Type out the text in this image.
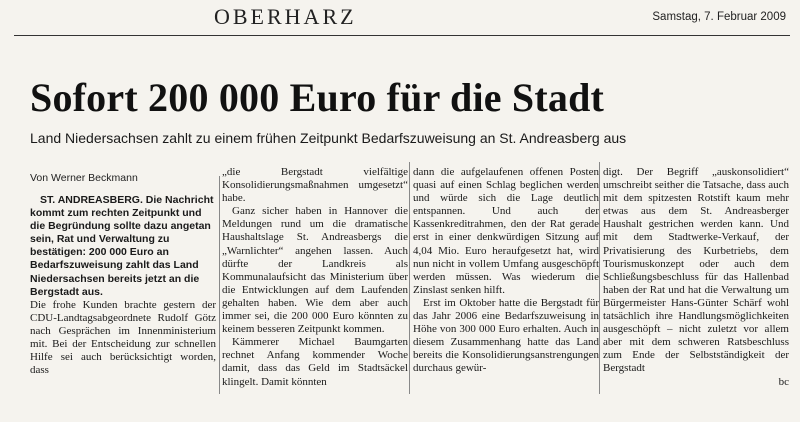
OBERHARZ	Samstag, 7. Februar 2009
Sofort 200 000 Euro für die Stadt
Land Niedersachsen zahlt zu einem frühen Zeitpunkt Bedarfszuweisung an St. Andreasberg aus
Von Werner Beckmann

ST. ANDREASBERG. Die Nachricht kommt zum rechten Zeitpunkt und die Begründung sollte dazu angetan sein, Rat und Verwaltung zu bestätigen: 200 000 Euro an Bedarfszuweisung zahlt das Land Niedersachsen bereits jetzt an die Bergstadt aus.

Die frohe Kunden brachte gestern der CDU-Landtagsabgeordnete Rudolf Götz nach Gesprächen im Innenministerium mit. Bei der Entscheidung zur schnellen Hilfe sei auch berücksichtigt worden, dass

„die Bergstadt vielfältige Konsolidierungsmaßnahmen umgesetzt“ habe.

Ganz sicher haben in Hannover die Meldungen rund um die dramatische Haushaltslage St. Andreasbergs die „Warnlichter“ angehen lassen. Auch dürfte der Landkreis als Kommunalaufsicht das Ministerium über die Entwicklungen auf dem Laufenden gehalten haben. Wie dem aber auch immer sei, die 200 000 Euro könnten zu keinem besseren Zeitpunkt kommen.

Kämmerer Michael Baumgarten rechnet Anfang kommender Woche damit, dass das Geld im Stadtsäckel klingelt. Damit könnten

dann die aufgelaufenen offenen Posten quasi auf einen Schlag beglichen werden und würde sich die Lage deutlich entspannen. Und auch der Kassenkreditrahmen, den der Rat gerade erst in einer denkwürdigen Sitzung auf 4,04 Mio. Euro heraufgesetzt hat, wird nun nicht in vollem Umfang ausgeschöpft werden müssen. Was wiederum die Zinslast senken hilft.

Erst im Oktober hatte die Bergstadt für das Jahr 2006 eine Bedarfszuweisung in Höhe von 300 000 Euro erhalten. Auch in diesem Zusammenhang hatte das Land bereits die Konsolidierungsanstrengungen durchaus gewür-

digt. Der Begriff „auskonsolidiert“ umschreibt seither die Tatsache, dass auch mit dem spitzesten Rotstift kaum mehr etwas aus dem St. Andreasberger Haushalt gestrichen werden kann. Und mit dem Stadtwerke-Verkauf, der Privatisierung des Kurbetriebs, dem Tourismuskonzept oder auch dem Schließungsbeschluss für das Hallenbad haben der Rat und hat die Verwaltung um Bürgermeister Hans-Günter Schärf wohl tatsächlich ihre Handlungsmöglichkeiten ausgeschöpft – nicht zuletzt vor allem aber mit dem schweren Ratsbeschluss zum Ende der Selbstständigkeit der Bergstadt

bc
